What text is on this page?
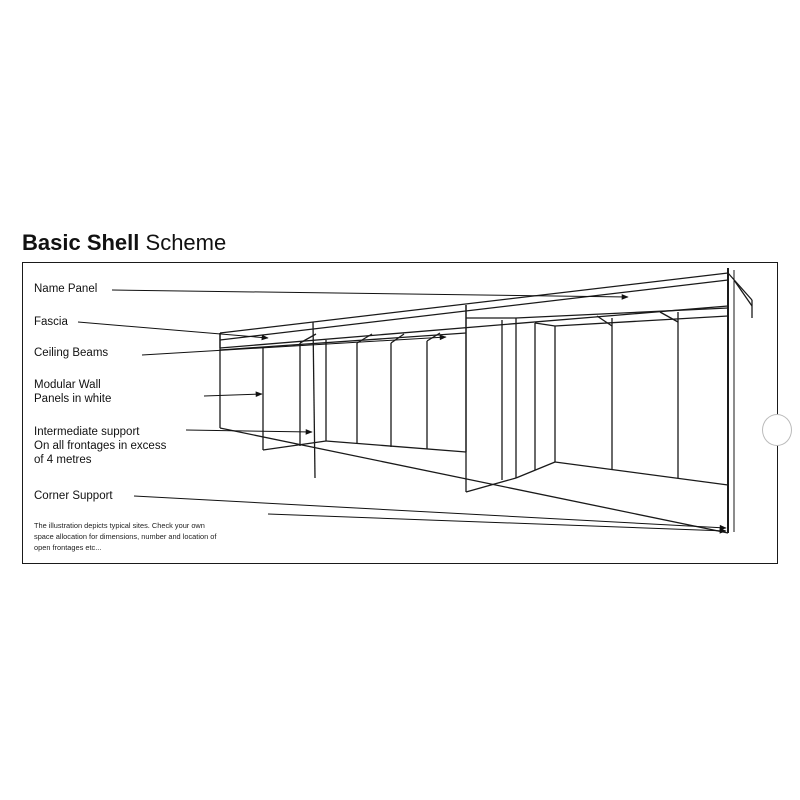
Basic Shell Scheme
Name Panel
Fascia
Ceiling Beams
Modular Wall
Panels in white
Intermediate support
On all frontages in excess
of 4 metres
Corner Support
The illustration depicts typical sites. Check your own
space allocation for dimensions, number and location of
open frontages etc...
